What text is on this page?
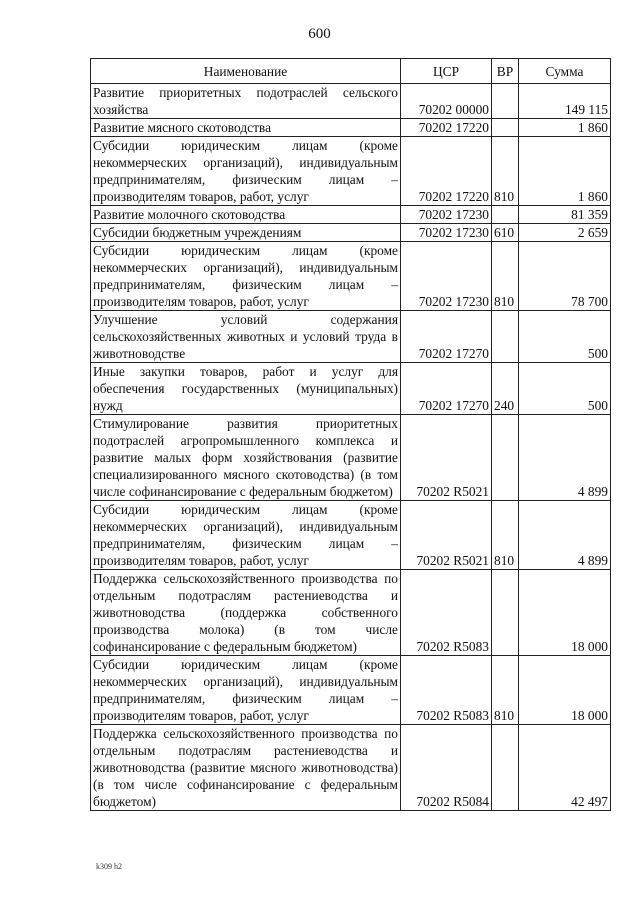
600
Наименование	ЦСР	ВР	Сумма
Развитие приоритетных подотраслей сельского хозяйства	70202 00000		149 115
Развитие мясного скотоводства	70202 17220		1 860
Субсидии юридическим лицам (кроме некоммерческих организаций), индивидуальным предпринимателям, физическим лицам – производителям товаров, работ, услуг	70202 17220	810	1 860
Развитие молочного скотоводства	70202 17230		81 359
Субсидии бюджетным учреждениям	70202 17230	610	2 659
Субсидии юридическим лицам (кроме некоммерческих организаций), индивидуальным предпринимателям, физическим лицам – производителям товаров, работ, услуг	70202 17230	810	78 700
Улучшение условий содержания сельскохозяйственных животных и условий труда в животноводстве	70202 17270		500
Иные закупки товаров, работ и услуг для обеспечения государственных (муниципальных) нужд	70202 17270	240	500
Стимулирование развития приоритетных подотраслей агропромышленного комплекса и развитие малых форм хозяйствования (развитие специализированного мясного скотоводства) (в том числе софинансирование с федеральным бюджетом)	70202 R5021		4 899
Субсидии юридическим лицам (кроме некоммерческих организаций), индивидуальным предпринимателям, физическим лицам – производителям товаров, работ, услуг	70202 R5021	810	4 899
Поддержка сельскохозяйственного производства по отдельным подотраслям растениеводства и животноводства (поддержка собственного производства молока) (в том числе софинансирование с федеральным бюджетом)	70202 R5083		18 000
Субсидии юридическим лицам (кроме некоммерческих организаций), индивидуальным предпринимателям, физическим лицам – производителям товаров, работ, услуг	70202 R5083	810	18 000
Поддержка сельскохозяйственного производства по отдельным подотраслям растениеводства и животноводства (развитие мясного животноводства) (в том числе софинансирование с федеральным бюджетом)	70202 R5084		42 497
k309 h2
